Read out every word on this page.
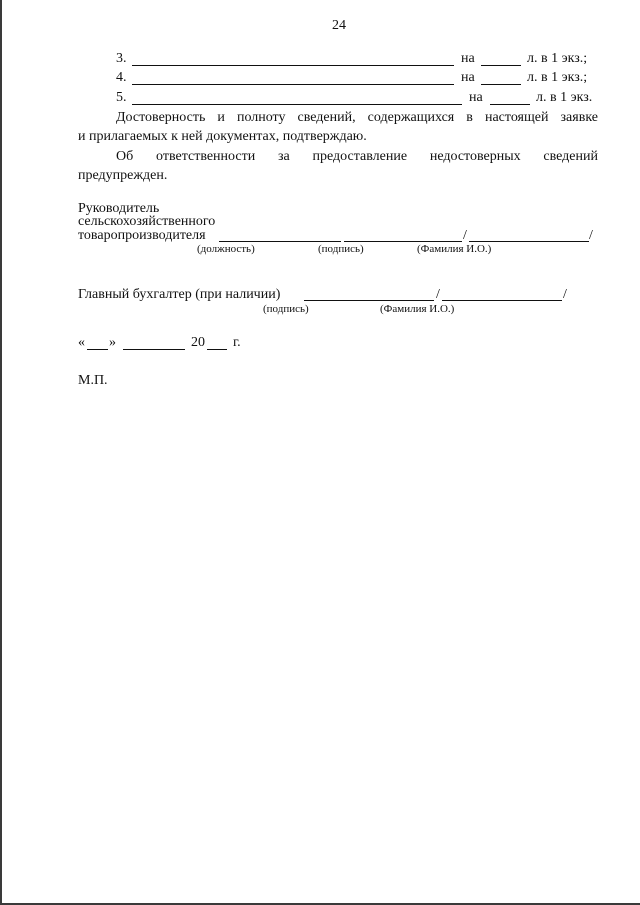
24
3.	на	л. в 1 экз.;
4.	на	л. в 1 экз.;
5.	на	л. в 1 экз.
Достоверность и полноту сведений, содержащихся в настоящей заявке
и прилагаемых к ней документах, подтверждаю.
Об ответственности за предоставление недостоверных сведений
предупрежден.
Руководитель
сельскохозяйственного
товаропроизводителя	/	/
(должность)	(подпись)	(Фамилия И.О.)
Главный бухгалтер (при наличии)	/	/
(подпись)	(Фамилия И.О.)
« »	20 г.
М.П.
